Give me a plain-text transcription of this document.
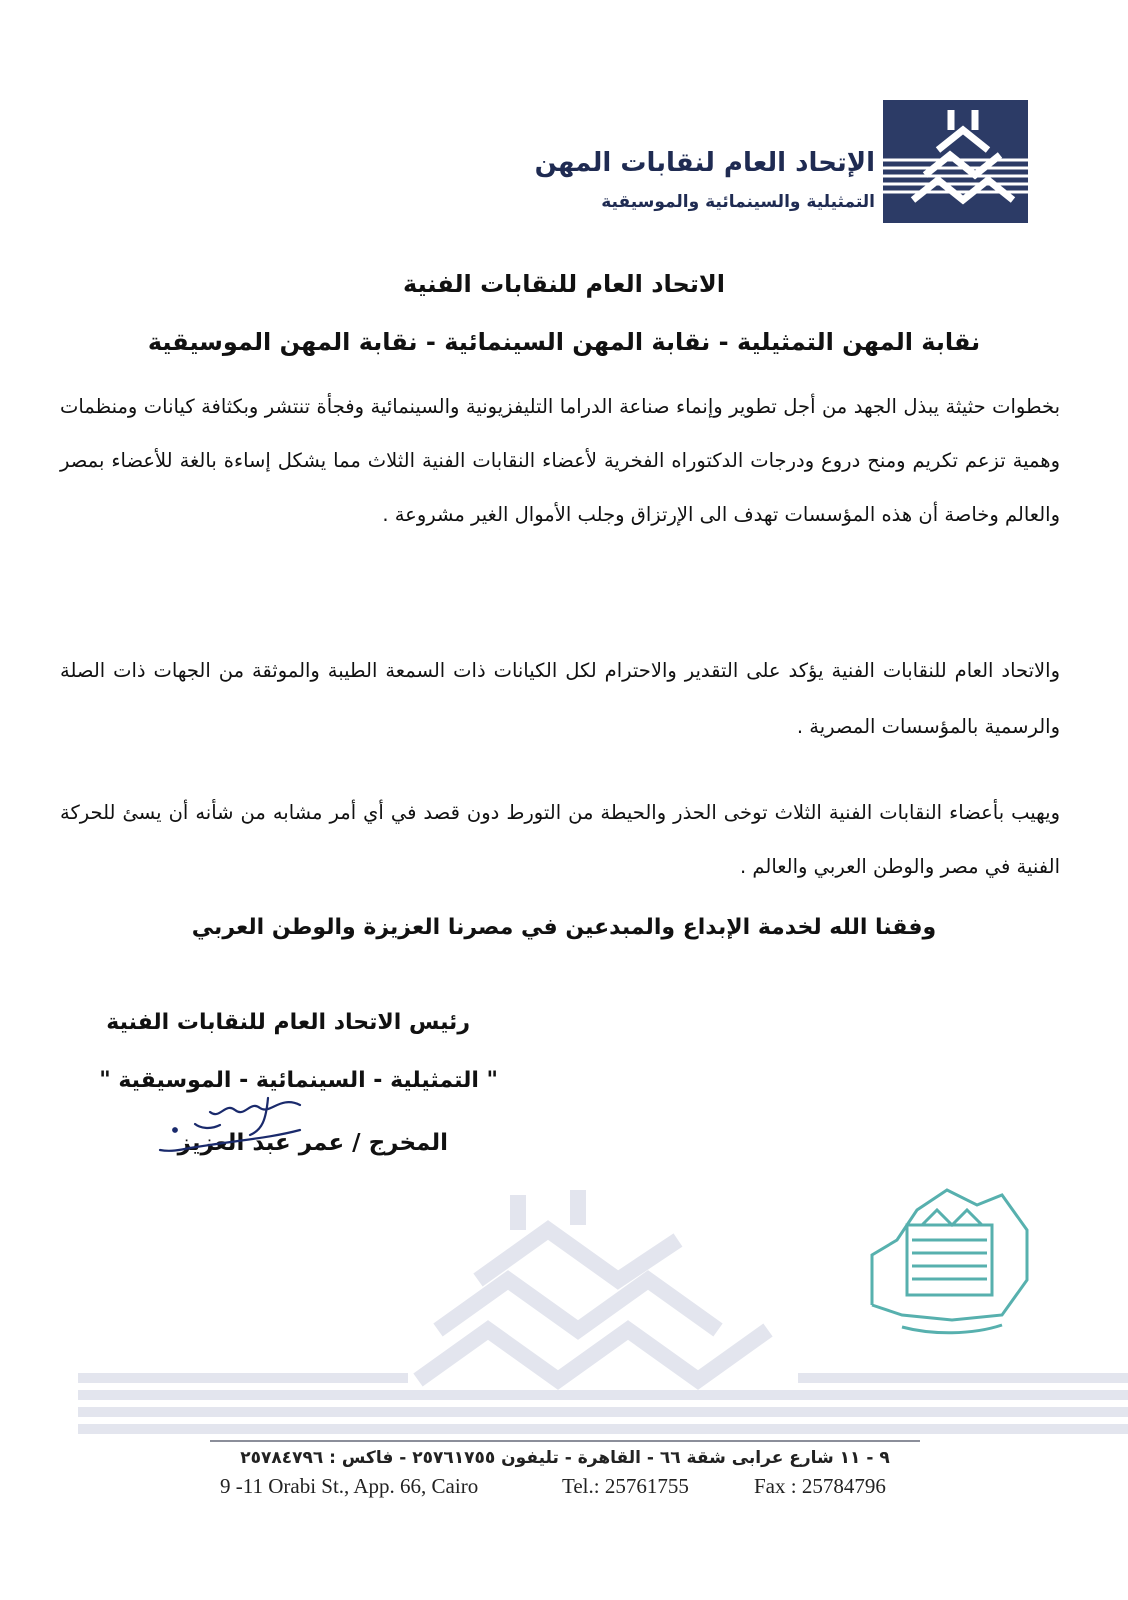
الإتحاد العام لنقابات المهن
التمثيلية والسينمائية والموسيقية
الاتحاد العام للنقابات الفنية
نقابة المهن التمثيلية - نقابة المهن السينمائية - نقابة المهن الموسيقية

بخطوات حثيثة يبذل الجهد من أجل تطوير وإنماء صناعة الدراما التليفزيونية والسينمائية وفجأة تنتشر وبكثافة كيانات ومنظمات وهمية تزعم تكريم ومنح دروع ودرجات الدكتوراه الفخرية لأعضاء النقابات الفنية الثلاث مما يشكل إساءة بالغة للأعضاء بمصر والعالم وخاصة أن هذه المؤسسات تهدف الى الإرتزاق وجلب الأموال الغير مشروعة .

والاتحاد العام للنقابات الفنية يؤكد على التقدير والاحترام لكل الكيانات ذات السمعة الطيبة والموثقة من الجهات ذات الصلة والرسمية بالمؤسسات المصرية .

ويهيب بأعضاء النقابات الفنية الثلاث توخى الحذر والحيطة من التورط دون قصد في أي أمر مشابه من شأنه أن يسئ للحركة الفنية في مصر والوطن العربي والعالم .

وفقنا الله لخدمة الإبداع والمبدعين في مصرنا العزيزة والوطن العربي
رئيس الاتحاد العام للنقابات الفنية
" التمثيلية - السينمائية - الموسيقية "
المخرج / عمر عبد العزيز
٩ - ١١ شارع عرابى شقة ٦٦ - القاهرة - تليفون ٢٥٧٦١٧٥٥ - فاكس : ٢٥٧٨٤٧٩٦
9 -11 Orabi St., App. 66, Cairo	Tel.: 25761755	Fax : 25784796
